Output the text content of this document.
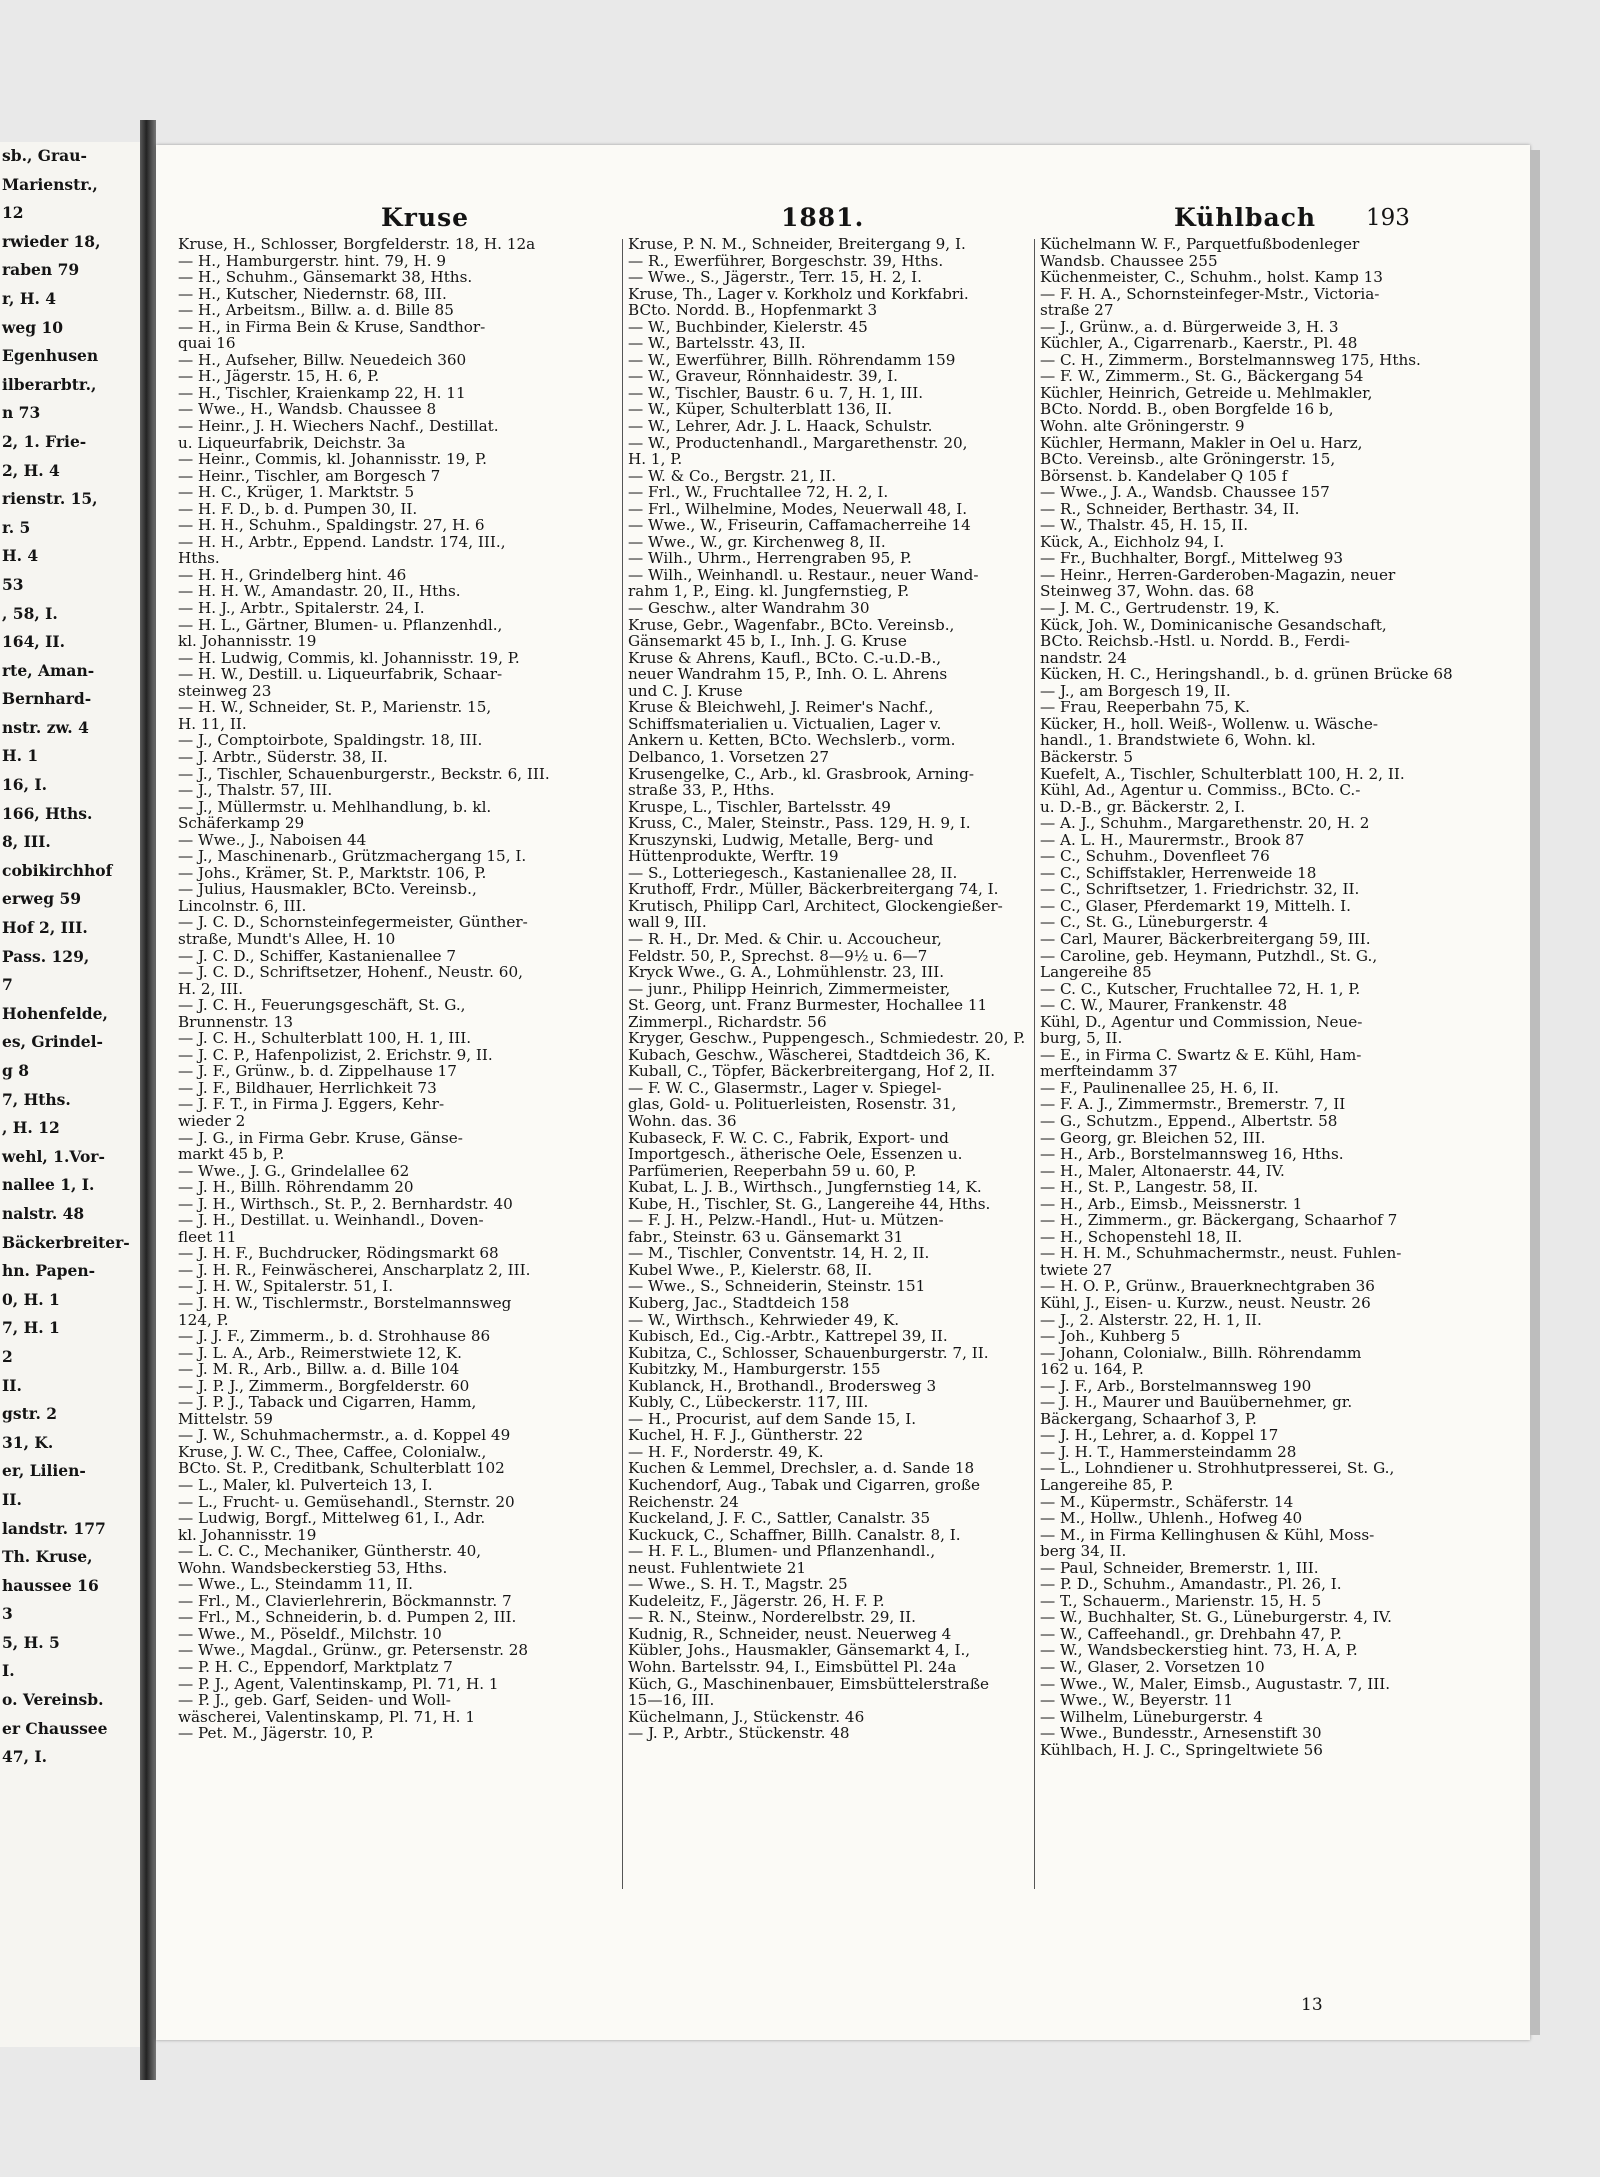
sb., Grau-
Marienstr.,
12
rwieder 18,
raben 79
r, H. 4
weg 10
Egenhusen
ilberarbtr.,
n 73
2, 1. Frie-
2, H. 4
rienstr. 15,
r. 5
H. 4
53
, 58, I.
164, II.
rte, Aman-
Bernhard-
nstr. zw. 4
H. 1
16, I.
166, Hths.
8, III.
cobikirchhof
erweg 59
Hof 2, III.
Pass. 129,
7
Hohenfelde,
es, Grindel-
g 8
7, Hths.
, H. 12
wehl, 1.Vor-
nallee 1, I.
nalstr. 48
Bäckerbreiter-
hn. Papen-
0, H. 1
7, H. 1
2
II.
gstr. 2
31, K.
er, Lilien-
II.
landstr. 177
Th. Kruse,
haussee 16
3
5, H. 5
I.
o. Vereinsb.
er Chaussee
47, I.
Kruse	1881.	Kühlbach 193
Kruse, H., Schlosser, Borgfelderstr. 18, H. 12a
— H., Hamburgerstr. hint. 79, H. 9
— H., Schuhm., Gänsemarkt 38, Hths.
— H., Kutscher, Niedernstr. 68, III.
— H., Arbeitsm., Billw. a. d. Bille 85
— H., in Firma Bein & Kruse, Sandthor-
quai 16
— H., Aufseher, Billw. Neuedeich 360
— H., Jägerstr. 15, H. 6, P.
— H., Tischler, Kraienkamp 22, H. 11
— Wwe., H., Wandsb. Chaussee 8
— Heinr., J. H. Wiechers Nachf., Destillat.
u. Liqueurfabrik, Deichstr. 3a
— Heinr., Commis, kl. Johannisstr. 19, P.
— Heinr., Tischler, am Borgesch 7
— H. C., Krüger, 1. Marktstr. 5
— H. F. D., b. d. Pumpen 30, II.
— H. H., Schuhm., Spaldingstr. 27, H. 6
— H. H., Arbtr., Eppend. Landstr. 174, III.,
Hths.
— H. H., Grindelberg hint. 46
— H. H. W., Amandastr. 20, II., Hths.
— H. J., Arbtr., Spitalerstr. 24, I.
— H. L., Gärtner, Blumen- u. Pflanzenhdl.,
kl. Johannisstr. 19
— H. Ludwig, Commis, kl. Johannisstr. 19, P.
— H. W., Destill. u. Liqueurfabrik, Schaar-
steinweg 23
— H. W., Schneider, St. P., Marienstr. 15,
H. 11, II.
— J., Comptoirbote, Spaldingstr. 18, III.
— J. Arbtr., Süderstr. 38, II.
— J., Tischler, Schauenburgerstr., Beckstr. 6, III.
— J., Thalstr. 57, III.
— J., Müllermstr. u. Mehlhandlung, b. kl.
Schäferkamp 29
— Wwe., J., Naboisen 44
— J., Maschinenarb., Grützmachergang 15, I.
— Johs., Krämer, St. P., Marktstr. 106, P.
— Julius, Hausmakler, BCto. Vereinsb.,
Lincolnstr. 6, III.
— J. C. D., Schornsteinfegermeister, Günther-
straße, Mundt's Allee, H. 10
— J. C. D., Schiffer, Kastanienallee 7
— J. C. D., Schriftsetzer, Hohenf., Neustr. 60,
H. 2, III.
— J. C. H., Feuerungsgeschäft, St. G.,
Brunnenstr. 13
— J. C. H., Schulterblatt 100, H. 1, III.
— J. C. P., Hafenpolizist, 2. Erichstr. 9, II.
— J. F., Grünw., b. d. Zippelhause 17
— J. F., Bildhauer, Herrlichkeit 73
— J. F. T., in Firma J. Eggers, Kehr-
wieder 2
— J. G., in Firma Gebr. Kruse, Gänse-
markt 45 b, P.
— Wwe., J. G., Grindelallee 62
— J. H., Billh. Röhrendamm 20
— J. H., Wirthsch., St. P., 2. Bernhardstr. 40
— J. H., Destillat. u. Weinhandl., Doven-
fleet 11
— J. H. F., Buchdrucker, Rödingsmarkt 68
— J. H. R., Feinwäscherei, Anscharplatz 2, III.
— J. H. W., Spitalerstr. 51, I.
— J. H. W., Tischlermstr., Borstelmannsweg
124, P.
— J. J. F., Zimmerm., b. d. Strohhause 86
— J. L. A., Arb., Reimerstwiete 12, K.
— J. M. R., Arb., Billw. a. d. Bille 104
— J. P. J., Zimmerm., Borgfelderstr. 60
— J. P. J., Taback und Cigarren, Hamm,
Mittelstr. 59
— J. W., Schuhmachermstr., a. d. Koppel 49
Kruse, J. W. C., Thee, Caffee, Colonialw.,
BCto. St. P., Creditbank, Schulterblatt 102
— L., Maler, kl. Pulverteich 13, I.
— L., Frucht- u. Gemüsehandl., Sternstr. 20
— Ludwig, Borgf., Mittelweg 61, I., Adr.
kl. Johannisstr. 19
— L. C. C., Mechaniker, Güntherstr. 40,
Wohn. Wandsbeckerstieg 53, Hths.
— Wwe., L., Steindamm 11, II.
— Frl., M., Clavierlehrerin, Böckmannstr. 7
— Frl., M., Schneiderin, b. d. Pumpen 2, III.
— Wwe., M., Pöseldf., Milchstr. 10
— Wwe., Magdal., Grünw., gr. Petersenstr. 28
— P. H. C., Eppendorf, Marktplatz 7
— P. J., Agent, Valentinskamp, Pl. 71, H. 1
— P. J., geb. Garf, Seiden- und Woll-
wäscherei, Valentinskamp, Pl. 71, H. 1
— Pet. M., Jägerstr. 10, P.
Kruse, P. N. M., Schneider, Breitergang 9, I.
— R., Ewerführer, Borgeschstr. 39, Hths.
— Wwe., S., Jägerstr., Terr. 15, H. 2, I.
Kruse, Th., Lager v. Korkholz und Korkfabri.
BCto. Nordd. B., Hopfenmarkt 3
— W., Buchbinder, Kielerstr. 45
— W., Bartelsstr. 43, II.
— W., Ewerführer, Billh. Röhrendamm 159
— W., Graveur, Rönnhaidestr. 39, I.
— W., Tischler, Baustr. 6 u. 7, H. 1, III.
— W., Küper, Schulterblatt 136, II.
— W., Lehrer, Adr. J. L. Haack, Schulstr.
— W., Productenhandl., Margarethenstr. 20,
H. 1, P.
— W. & Co., Bergstr. 21, II.
— Frl., W., Fruchtallee 72, H. 2, I.
— Frl., Wilhelmine, Modes, Neuerwall 48, I.
— Wwe., W., Friseurin, Caffamacherreihe 14
— Wwe., W., gr. Kirchenweg 8, II.
— Wilh., Uhrm., Herrengraben 95, P.
— Wilh., Weinhandl. u. Restaur., neuer Wand-
rahm 1, P., Eing. kl. Jungfernstieg, P.
— Geschw., alter Wandrahm 30
Kruse, Gebr., Wagenfabr., BCto. Vereinsb.,
Gänsemarkt 45 b, I., Inh. J. G. Kruse
Kruse & Ahrens, Kaufl., BCto. C.-u.D.-B.,
neuer Wandrahm 15, P., Inh. O. L. Ahrens
und C. J. Kruse
Kruse & Bleichwehl, J. Reimer's Nachf.,
Schiffsmaterialien u. Victualien, Lager v.
Ankern u. Ketten, BCto. Wechslerb., vorm.
Delbanco, 1. Vorsetzen 27
Krusengelke, C., Arb., kl. Grasbrook, Arning-
straße 33, P., Hths.
Kruspe, L., Tischler, Bartelsstr. 49
Kruss, C., Maler, Steinstr., Pass. 129, H. 9, I.
Kruszynski, Ludwig, Metalle, Berg- und
Hüttenprodukte, Werftr. 19
— S., Lotteriegesch., Kastanienallee 28, II.
Kruthoff, Frdr., Müller, Bäckerbreitergang 74, I.
Krutisch, Philipp Carl, Architect, Glockengießer-
wall 9, III.
— R. H., Dr. Med. & Chir. u. Accoucheur,
Feldstr. 50, P., Sprechst. 8—9½ u. 6—7
Kryck Wwe., G. A., Lohmühlenstr. 23, III.
— junr., Philipp Heinrich, Zimmermeister,
St. Georg, unt. Franz Burmester, Hochallee 11
Zimmerpl., Richardstr. 56
Kryger, Geschw., Puppengesch., Schmiedestr. 20, P.
Kubach, Geschw., Wäscherei, Stadtdeich 36, K.
Kuball, C., Töpfer, Bäckerbreitergang, Hof 2, II.
— F. W. C., Glasermstr., Lager v. Spiegel-
glas, Gold- u. Polituerleisten, Rosenstr. 31,
Wohn. das. 36
Kubaseck, F. W. C. C., Fabrik, Export- und
Importgesch., ätherische Oele, Essenzen u.
Parfümerien, Reeperbahn 59 u. 60, P.
Kubat, L. J. B., Wirthsch., Jungfernstieg 14, K.
Kube, H., Tischler, St. G., Langereihe 44, Hths.
— F. J. H., Pelzw.-Handl., Hut- u. Mützen-
fabr., Steinstr. 63 u. Gänsemarkt 31
— M., Tischler, Conventstr. 14, H. 2, II.
Kubel Wwe., P., Kielerstr. 68, II.
— Wwe., S., Schneiderin, Steinstr. 151
Kuberg, Jac., Stadtdeich 158
— W., Wirthsch., Kehrwieder 49, K.
Kubisch, Ed., Cig.-Arbtr., Kattrepel 39, II.
Kubitza, C., Schlosser, Schauenburgerstr. 7, II.
Kubitzky, M., Hamburgerstr. 155
Kublanck, H., Brothandl., Brodersweg 3
Kubly, C., Lübeckerstr. 117, III.
— H., Procurist, auf dem Sande 15, I.
Kuchel, H. F. J., Güntherstr. 22
— H. F., Norderstr. 49, K.
Kuchen & Lemmel, Drechsler, a. d. Sande 18
Kuchendorf, Aug., Tabak und Cigarren, große
Reichenstr. 24
Kuckeland, J. F. C., Sattler, Canalstr. 35
Kuckuck, C., Schaffner, Billh. Canalstr. 8, I.
— H. F. L., Blumen- und Pflanzenhandl.,
neust. Fuhlentwiete 21
— Wwe., S. H. T., Magstr. 25
Kudeleitz, F., Jägerstr. 26, H. F. P.
— R. N., Steinw., Norderelbstr. 29, II.
Kudnig, R., Schneider, neust. Neuerweg 4
Kübler, Johs., Hausmakler, Gänsemarkt 4, I.,
Wohn. Bartelsstr. 94, I., Eimsbüttel Pl. 24a
Küch, G., Maschinenbauer, Eimsbüttelerstraße
15—16, III.
Küchelmann, J., Stückenstr. 46
— J. P., Arbtr., Stückenstr. 48
Küchelmann W. F., Parquetfußbodenleger
Wandsb. Chaussee 255
Küchenmeister, C., Schuhm., holst. Kamp 13
— F. H. A., Schornsteinfeger-Mstr., Victoria-
straße 27
— J., Grünw., a. d. Bürgerweide 3, H. 3
Küchler, A., Cigarrenarb., Kaerstr., Pl. 48
— C. H., Zimmerm., Borstelmannsweg 175, Hths.
— F. W., Zimmerm., St. G., Bäckergang 54
Küchler, Heinrich, Getreide u. Mehlmakler,
BCto. Nordd. B., oben Borgfelde 16 b,
Wohn. alte Gröningerstr. 9
Küchler, Hermann, Makler in Oel u. Harz,
BCto. Vereinsb., alte Gröningerstr. 15,
Börsenst. b. Kandelaber Q 105 f
— Wwe., J. A., Wandsb. Chaussee 157
— R., Schneider, Berthastr. 34, II.
— W., Thalstr. 45, H. 15, II.
Kück, A., Eichholz 94, I.
— Fr., Buchhalter, Borgf., Mittelweg 93
— Heinr., Herren-Garderoben-Magazin, neuer
Steinweg 37, Wohn. das. 68
— J. M. C., Gertrudenstr. 19, K.
Kück, Joh. W., Dominicanische Gesandschaft,
BCto. Reichsb.-Hstl. u. Nordd. B., Ferdi-
nandstr. 24
Kücken, H. C., Heringshandl., b. d. grünen Brücke 68
— J., am Borgesch 19, II.
— Frau, Reeperbahn 75, K.
Kücker, H., holl. Weiß-, Wollenw. u. Wäsche-
handl., 1. Brandstwiete 6, Wohn. kl.
Bäckerstr. 5
Kuefelt, A., Tischler, Schulterblatt 100, H. 2, II.
Kühl, Ad., Agentur u. Commiss., BCto. C.-
u. D.-B., gr. Bäckerstr. 2, I.
— A. J., Schuhm., Margarethenstr. 20, H. 2
— A. L. H., Maurermstr., Brook 87
— C., Schuhm., Dovenfleet 76
— C., Schiffstakler, Herrenweide 18
— C., Schriftsetzer, 1. Friedrichstr. 32, II.
— C., Glaser, Pferdemarkt 19, Mittelh. I.
— C., St. G., Lüneburgerstr. 4
— Carl, Maurer, Bäckerbreitergang 59, III.
— Caroline, geb. Heymann, Putzhdl., St. G.,
Langereihe 85
— C. C., Kutscher, Fruchtallee 72, H. 1, P.
— C. W., Maurer, Frankenstr. 48
Kühl, D., Agentur und Commission, Neue-
burg, 5, II.
— E., in Firma C. Swartz & E. Kühl, Ham-
merfteindamm 37
— F., Paulinenallee 25, H. 6, II.
— F. A. J., Zimmermstr., Bremerstr. 7, II
— G., Schutzm., Eppend., Albertstr. 58
— Georg, gr. Bleichen 52, III.
— H., Arb., Borstelmannsweg 16, Hths.
— H., Maler, Altonaerstr. 44, IV.
— H., St. P., Langestr. 58, II.
— H., Arb., Eimsb., Meissnerstr. 1
— H., Zimmerm., gr. Bäckergang, Schaarhof 7
— H., Schopenstehl 18, II.
— H. H. M., Schuhmachermstr., neust. Fuhlen-
twiete 27
— H. O. P., Grünw., Brauerknechtgraben 36
Kühl, J., Eisen- u. Kurzw., neust. Neustr. 26
— J., 2. Alsterstr. 22, H. 1, II.
— Joh., Kuhberg 5
— Johann, Colonialw., Billh. Röhrendamm
162 u. 164, P.
— J. F., Arb., Borstelmannsweg 190
— J. H., Maurer und Bauübernehmer, gr.
Bäckergang, Schaarhof 3, P.
— J. H., Lehrer, a. d. Koppel 17
— J. H. T., Hammersteindamm 28
— L., Lohndiener u. Strohhutpresserei, St. G.,
Langereihe 85, P.
— M., Küpermstr., Schäferstr. 14
— M., Hollw., Uhlenh., Hofweg 40
— M., in Firma Kellinghusen & Kühl, Moss-
berg 34, II.
— Paul, Schneider, Bremerstr. 1, III.
— P. D., Schuhm., Amandastr., Pl. 26, I.
— T., Schauerm., Marienstr. 15, H. 5
— W., Buchhalter, St. G., Lüneburgerstr. 4, IV.
— W., Caffeehandl., gr. Drehbahn 47, P.
— W., Wandsbeckerstieg hint. 73, H. A, P.
— W., Glaser, 2. Vorsetzen 10
— Wwe., W., Maler, Eimsb., Augustastr. 7, III.
— Wwe., W., Beyerstr. 11
— Wilhelm, Lüneburgerstr. 4
— Wwe., Bundesstr., Arnesenstift 30
Kühlbach, H. J. C., Springeltwiete 56
13
